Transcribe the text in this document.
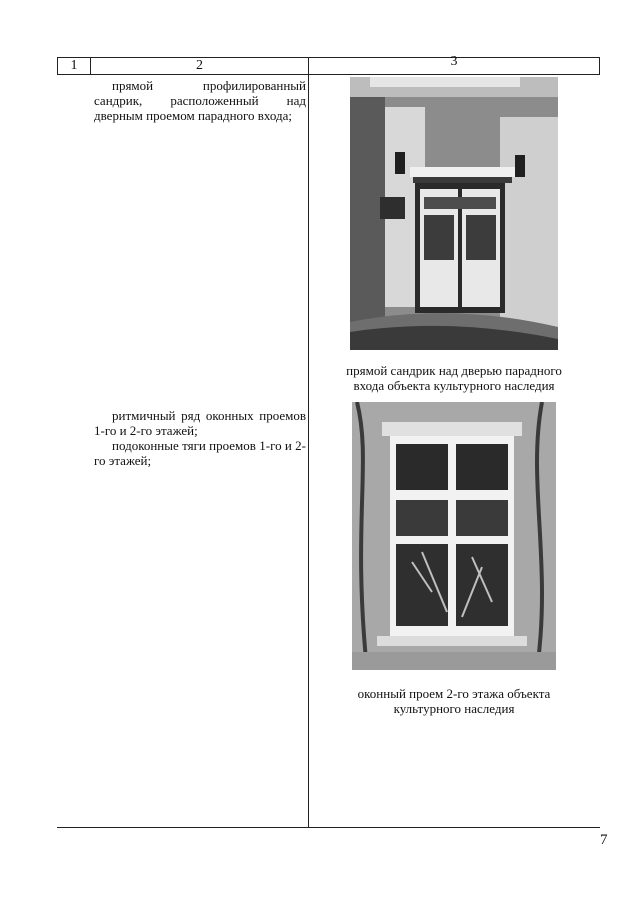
1	2	3

прямой профилированный сандрик, расположенный над дверным проемом парадного входа;

прямой сандрик над дверью парадного
входа объекта культурного наследия

ритмичный ряд оконных проемов 1-го и 2-го этажей;

подоконные тяги проемов 1-го и 2-го этажей;

оконный проем 2-го этажа объекта
культурного наследия
7
